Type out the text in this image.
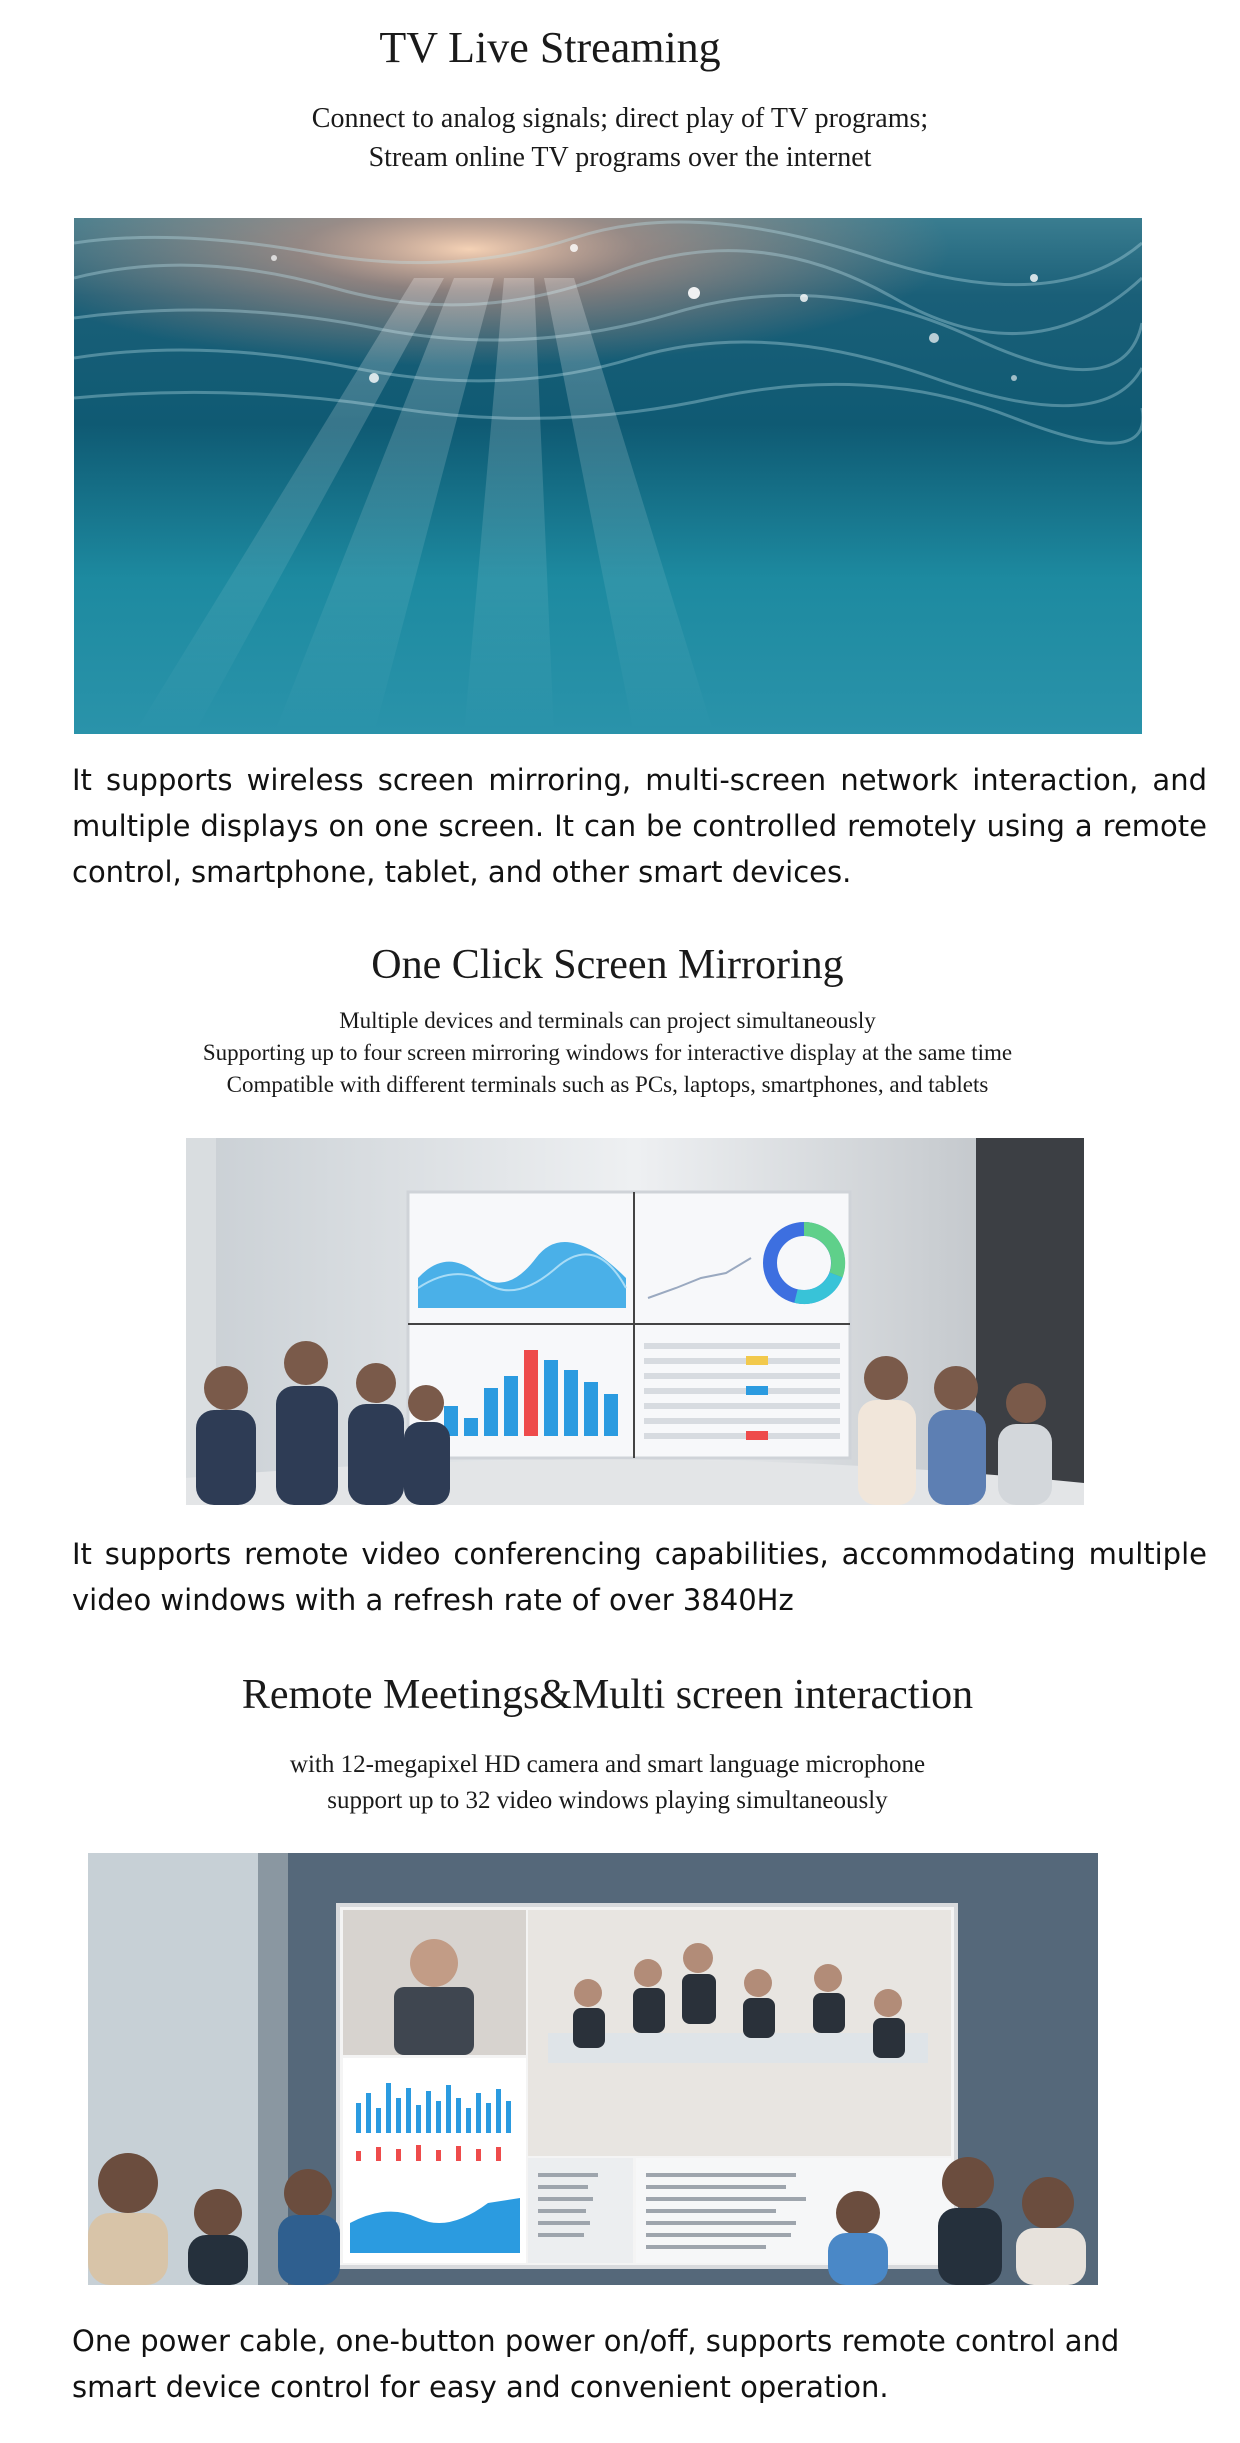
TV Live Streaming
Connect to analog signals; direct play of TV programs;
Stream online TV programs over the internet
It supports wireless screen mirroring, multi-screen network interaction, and multiple displays on one screen. It can be controlled remotely using a remote control, smartphone, tablet, and other smart devices.
One Click Screen Mirroring
Multiple devices and terminals can project simultaneously
Supporting up to four screen mirroring windows for interactive display at the same time
Compatible with different terminals such as PCs, laptops, smartphones, and tablets
It supports remote video conferencing capabilities, accommodating multiple video windows with a refresh rate of over 3840Hz
Remote Meetings&Multi screen interaction
with 12-megapixel HD camera and smart language microphone
support up to 32 video windows playing simultaneously
One power cable, one-button power on/off, supports remote control and smart device control for easy and convenient operation.
